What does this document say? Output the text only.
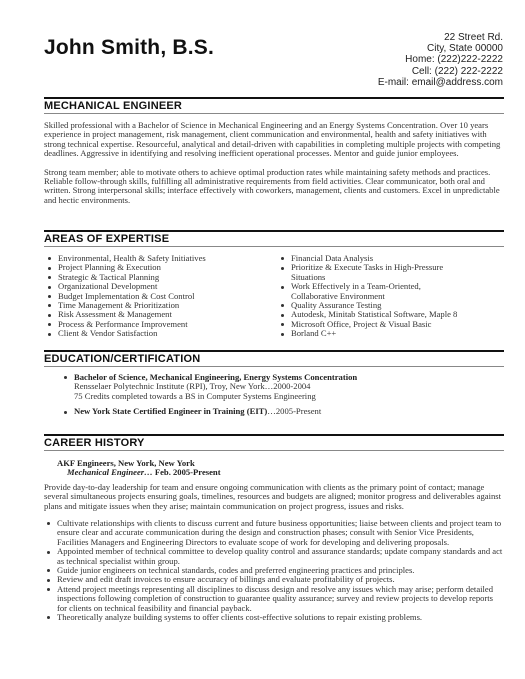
John Smith, B.S.	22 Street Rd.
City, State 00000
Home: (222)222-2222
Cell: (222) 222-2222
E-mail: email@address.com
MECHANICAL ENGINEER

Skilled professional with a Bachelor of Science in Mechanical Engineering and an Energy Systems Concentration. Over 10 years experience in project management, risk management, client communication and environmental, health and safety initiatives with strong technical expertise. Resourceful, analytical and detail-driven with capabilities in completing multiple projects with competing deadlines. Aggressive in identifying and resolving inefficient operational processes. Mentor and guide junior employees.

Strong team member; able to motivate others to achieve optimal production rates while maintaining safety methods and practices. Reliable follow-through skills, fulfilling all administrative requirements from field activities. Clear communicator, both oral and written. Strong interpersonal skills; interface effectively with coworkers, management, clients and customers. Excel in unpredictable and hectic environments.

AREAS OF EXPERTISE
Environmental, Health & Safety Initiatives
Project Planning & Execution
Strategic & Tactical Planning
Organizational Development
Budget Implementation & Cost Control
Time Management & Prioritization
Risk Assessment & Management
Process & Performance Improvement
Client & Vendor Satisfaction
Financial Data Analysis
Prioritize & Execute Tasks in High-Pressure
Situations
Work Effectively in a Team-Oriented,
Collaborative Environment
Quality Assurance Testing
Autodesk, Minitab Statistical Software, Maple 8
Microsoft Office, Project & Visual Basic
Borland C++
EDUCATION/CERTIFICATION
Bachelor of Science, Mechanical Engineering, Energy Systems Concentration
Rensselaer Polytechnic Institute (RPI), Troy, New York…2000-2004
75 Credits completed towards a BS in Computer Systems Engineering
New York State Certified Engineer in Training (EIT)…2005-Present
CAREER HISTORY
AKF Engineers, New York, New York
Mechanical Engineer… Feb. 2005-Present

Provide day-to-day leadership for team and ensure ongoing communication with clients as the primary point of contact; manage several simultaneous projects ensuring goals, timelines, resources and budgets are aligned; monitor progress and deliverables against plans and mitigate issues when they arise; maintain communication on project progress, issues and risks.

Cultivate relationships with clients to discuss current and future business opportunities; liaise between clients and project team to ensure clear and accurate communication during the design and construction phases; consult with Senior Vice Presidents, Facilities Managers and Engineering Directors to evaluate scope of work for developing and delivering proposals.
Appointed member of technical committee to develop quality control and assurance standards; update company standards and act as technical specialist within group.
Guide junior engineers on technical standards, codes and preferred engineering practices and principles.
Review and edit draft invoices to ensure accuracy of billings and evaluate profitability of projects.
Attend project meetings representing all disciplines to discuss design and resolve any issues which may arise; perform detailed inspections following completion of construction to guarantee quality assurance; survey and review projects to develop reports for clients on technical feasibility and financial payback.
Theoretically analyze building systems to offer clients cost-effective solutions to repair existing problems.
